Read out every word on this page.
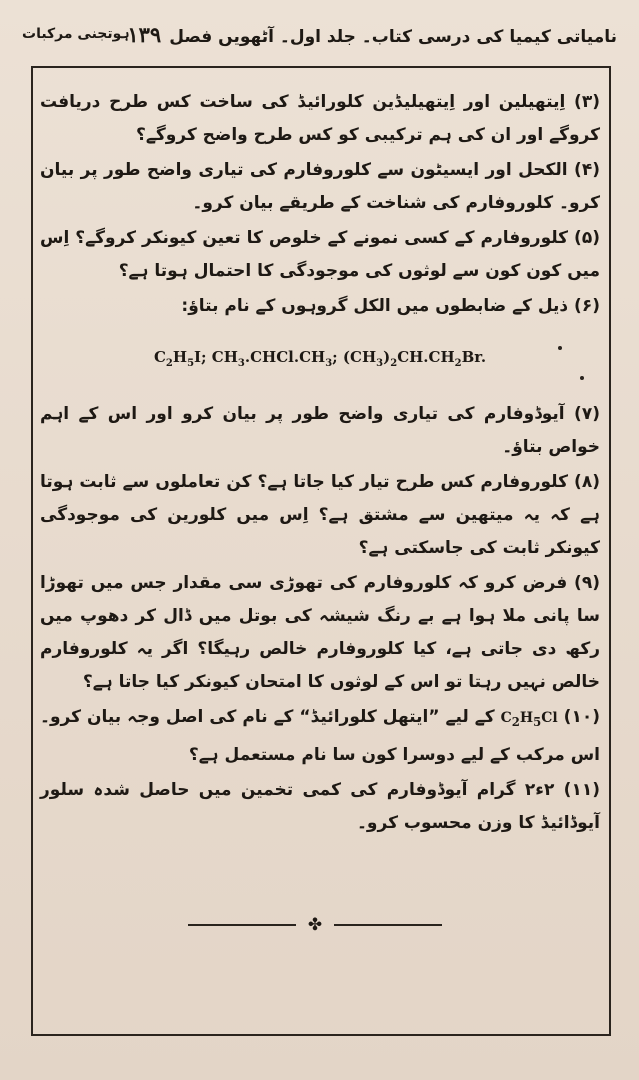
نامیاتی کیمیا کی درسی کتاب۔ جلد اول۔ آٹھویں فصل۱۳۹
ہوتجنی مرکبات

(۳) اِیتھیلین اور اِیتھیلیڈین کلورائیڈ کی ساخت کس طرح دریافت کروگے اور ان کی ہم ترکیبی کو کس طرح واضح کروگے؟

(۴) الکحل اور ایسیٹون سے کلوروفارم کی تیاری واضح طور پر بیان کرو۔ کلوروفارم کی شناخت کے طریقے بیان کرو۔

(۵) کلوروفارم کے کسی نمونے کے خلوص کا تعین کیونکر کروگے؟ اِس میں کون کون سے لوثوں کی موجودگی کا احتمال ہوتا ہے؟

(۶) ذیل کے ضابطوں میں الکل گروہوں کے نام بتاؤ:

$C_2H_5I$; $CH_3.CHCl.CH_3$; $(CH_3)_2CH.CH_2Br$.

(۷) آیوڈوفارم کی تیاری واضح طور پر بیان کرو اور اس کے اہم خواص بتاؤ۔

(۸) کلوروفارم کس طرح تیار کیا جاتا ہے؟ کن تعاملوں سے ثابت ہوتا ہے کہ یہ میتھین سے مشتق ہے؟ اِس میں کلورین کی موجودگی کیونکر ثابت کی جاسکتی ہے؟

(۹) فرض کرو کہ کلوروفارم کی تھوڑی سی مقدار جس میں تھوڑا سا پانی ملا ہوا ہے بے رنگ شیشہ کی بوتل میں ڈال کر دھوپ میں رکھ دی جاتی ہے، کیا کلوروفارم خالص رہیگا؟ اگر یہ کلوروفارم خالص نہیں رہتا تو اس کے لوثوں کا امتحان کیونکر کیا جاتا ہے؟

(۱۰) $C_2H_5Cl$ کے لیے ”ایتھل کلورائیڈ“ کے نام کی اصل وجہ بیان کرو۔ اس مرکب کے لیے دوسرا کون سا نام مستعمل ہے؟

(۱۱) ۲ء۲ گرام آیوڈوفارم کی کمی تخمین میں حاصل شدہ سلور آیوڈائیڈ کا وزن محسوب کرو۔

✤
